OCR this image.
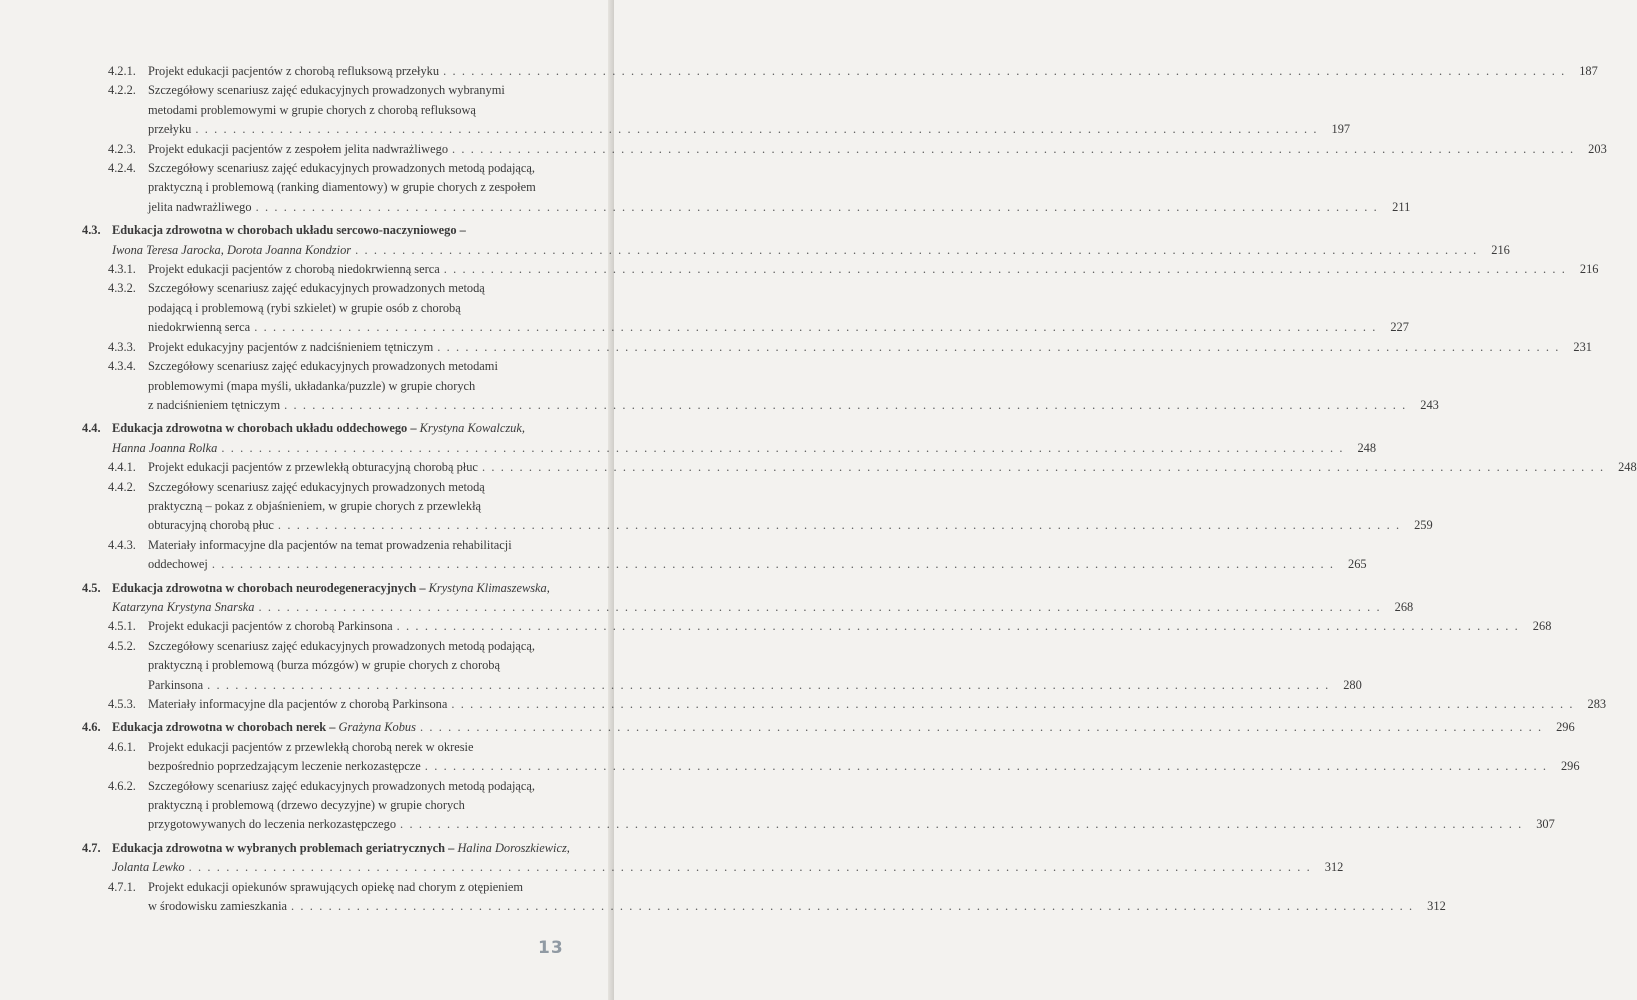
4.2.1. Projekt edukacji pacjentów z chorobą refluksową przełyku . . . . . . . . . . . . . . . . . . . . . . . . . . . . . . . . . . . . . . . . . . . . . . . . . . . . . . . . . . . . . . . . . . . . . . . . . . . . . . . . . . . . . . . . . . . . . . . . . . . . . . . . . . . . . . . . . . . . . . . .	187
4.2.2. Szczegółowy scenariusz zajęć edukacyjnych prowadzonych wybranymi
metodami problemowymi w grupie chorych z chorobą refluksową
przełyku . . . . . . . . . . . . . . . . . . . . . . . . . . . . . . . . . . . . . . . . . . . . . . . . . . . . . . . . . . . . . . . . . . . . . . . . . . . . . . . . . . . . . . . . . . . . . . . . . . . . . . . . . . . . . . . . . . . . . . . .	197
4.2.3. Projekt edukacji pacjentów z zespołem jelita nadwrażliwego . . . . . . . . . . . . . . . . . . . . . . . . . . . . . . . . . . . . . . . . . . . . . . . . . . . . . . . . . . . . . . . . . . . . . . . . . . . . . . . . . . . . . . . . . . . . . . . . . . . . . . . . . . . . . . . . . . . . . . . .	203
4.2.4. Szczegółowy scenariusz zajęć edukacyjnych prowadzonych metodą podającą,
praktyczną i problemową (ranking diamentowy) w grupie chorych z zespołem
jelita nadwrażliwego . . . . . . . . . . . . . . . . . . . . . . . . . . . . . . . . . . . . . . . . . . . . . . . . . . . . . . . . . . . . . . . . . . . . . . . . . . . . . . . . . . . . . . . . . . . . . . . . . . . . . . . . . . . . . . . . . . . . . . . .	211
4.3. Edukacja zdrowotna w chorobach układu sercowo-naczyniowego –
Iwona Teresa Jarocka, Dorota Joanna Kondzior . . . . . . . . . . . . . . . . . . . . . . . . . . . . . . . . . . . . . . . . . . . . . . . . . . . . . . . . . . . . . . . . . . . . . . . . . . . . . . . . . . . . . . . . . . . . . . . . . . . . . . . . . . . . . . . . . . . . . . . .	216
4.3.1. Projekt edukacji pacjentów z chorobą niedokrwienną serca . . . . . . . . . . . . . . . . . . . . . . . . . . . . . . . . . . . . . . . . . . . . . . . . . . . . . . . . . . . . . . . . . . . . . . . . . . . . . . . . . . . . . . . . . . . . . . . . . . . . . . . . . . . . . . . . . . . . . . . .	216
4.3.2. Szczegółowy scenariusz zajęć edukacyjnych prowadzonych metodą
podającą i problemową (rybi szkielet) w grupie osób z chorobą
niedokrwienną serca . . . . . . . . . . . . . . . . . . . . . . . . . . . . . . . . . . . . . . . . . . . . . . . . . . . . . . . . . . . . . . . . . . . . . . . . . . . . . . . . . . . . . . . . . . . . . . . . . . . . . . . . . . . . . . . . . . . . . . . .	227
4.3.3. Projekt edukacyjny pacjentów z nadciśnieniem tętniczym . . . . . . . . . . . . . . . . . . . . . . . . . . . . . . . . . . . . . . . . . . . . . . . . . . . . . . . . . . . . . . . . . . . . . . . . . . . . . . . . . . . . . . . . . . . . . . . . . . . . . . . . . . . . . . . . . . . . . . . .	231
4.3.4. Szczegółowy scenariusz zajęć edukacyjnych prowadzonych metodami
problemowymi (mapa myśli, układanka/puzzle) w grupie chorych
z nadciśnieniem tętniczym . . . . . . . . . . . . . . . . . . . . . . . . . . . . . . . . . . . . . . . . . . . . . . . . . . . . . . . . . . . . . . . . . . . . . . . . . . . . . . . . . . . . . . . . . . . . . . . . . . . . . . . . . . . . . . . . . . . . . . . .	243
4.4. Edukacja zdrowotna w chorobach układu oddechowego – Krystyna Kowalczuk,
Hanna Joanna Rolka . . . . . . . . . . . . . . . . . . . . . . . . . . . . . . . . . . . . . . . . . . . . . . . . . . . . . . . . . . . . . . . . . . . . . . . . . . . . . . . . . . . . . . . . . . . . . . . . . . . . . . . . . . . . . . . . . . . . . . . .	248
4.4.1. Projekt edukacji pacjentów z przewlekłą obturacyjną chorobą płuc . . . . . . . . . . . . . . . . . . . . . . . . . . . . . . . . . . . . . . . . . . . . . . . . . . . . . . . . . . . . . . . . . . . . . . . . . . . . . . . . . . . . . . . . . . . . . . . . . . . . . . . . . . . . . . . . . . . . . . . .	248
4.4.2. Szczegółowy scenariusz zajęć edukacyjnych prowadzonych metodą
praktyczną – pokaz z objaśnieniem, w grupie chorych z przewlekłą
obturacyjną chorobą płuc . . . . . . . . . . . . . . . . . . . . . . . . . . . . . . . . . . . . . . . . . . . . . . . . . . . . . . . . . . . . . . . . . . . . . . . . . . . . . . . . . . . . . . . . . . . . . . . . . . . . . . . . . . . . . . . . . . . . . . . .	259
4.4.3. Materiały informacyjne dla pacjentów na temat prowadzenia rehabilitacji
oddechowej . . . . . . . . . . . . . . . . . . . . . . . . . . . . . . . . . . . . . . . . . . . . . . . . . . . . . . . . . . . . . . . . . . . . . . . . . . . . . . . . . . . . . . . . . . . . . . . . . . . . . . . . . . . . . . . . . . . . . . . .	265
4.5. Edukacja zdrowotna w chorobach neurodegeneracyjnych – Krystyna Klimaszewska,
Katarzyna Krystyna Snarska . . . . . . . . . . . . . . . . . . . . . . . . . . . . . . . . . . . . . . . . . . . . . . . . . . . . . . . . . . . . . . . . . . . . . . . . . . . . . . . . . . . . . . . . . . . . . . . . . . . . . . . . . . . . . . . . . . . . . . . .	268
4.5.1. Projekt edukacji pacjentów z chorobą Parkinsona . . . . . . . . . . . . . . . . . . . . . . . . . . . . . . . . . . . . . . . . . . . . . . . . . . . . . . . . . . . . . . . . . . . . . . . . . . . . . . . . . . . . . . . . . . . . . . . . . . . . . . . . . . . . . . . . . . . . . . . .	268
4.5.2. Szczegółowy scenariusz zajęć edukacyjnych prowadzonych metodą podającą,
praktyczną i problemową (burza mózgów) w grupie chorych z chorobą
Parkinsona . . . . . . . . . . . . . . . . . . . . . . . . . . . . . . . . . . . . . . . . . . . . . . . . . . . . . . . . . . . . . . . . . . . . . . . . . . . . . . . . . . . . . . . . . . . . . . . . . . . . . . . . . . . . . . . . . . . . . . . .	280
4.5.3. Materiały informacyjne dla pacjentów z chorobą Parkinsona . . . . . . . . . . . . . . . . . . . . . . . . . . . . . . . . . . . . . . . . . . . . . . . . . . . . . . . . . . . . . . . . . . . . . . . . . . . . . . . . . . . . . . . . . . . . . . . . . . . . . . . . . . . . . . . . . . . . . . . .	283
4.6. Edukacja zdrowotna w chorobach nerek – Grażyna Kobus . . . . . . . . . . . . . . . . . . . . . . . . . . . . . . . . . . . . . . . . . . . . . . . . . . . . . . . . . . . . . . . . . . . . . . . . . . . . . . . . . . . . . . . . . . . . . . . . . . . . . . . . . . . . . . . . . . . . . . . .	296
4.6.1. Projekt edukacji pacjentów z przewlekłą chorobą nerek w okresie
bezpośrednio poprzedzającym leczenie nerkozastępcze . . . . . . . . . . . . . . . . . . . . . . . . . . . . . . . . . . . . . . . . . . . . . . . . . . . . . . . . . . . . . . . . . . . . . . . . . . . . . . . . . . . . . . . . . . . . . . . . . . . . . . . . . . . . . . . . . . . . . . . .	296
4.6.2. Szczegółowy scenariusz zajęć edukacyjnych prowadzonych metodą podającą,
praktyczną i problemową (drzewo decyzyjne) w grupie chorych
przygotowywanych do leczenia nerkozastępczego . . . . . . . . . . . . . . . . . . . . . . . . . . . . . . . . . . . . . . . . . . . . . . . . . . . . . . . . . . . . . . . . . . . . . . . . . . . . . . . . . . . . . . . . . . . . . . . . . . . . . . . . . . . . . . . . . . . . . . . .	307
4.7. Edukacja zdrowotna w wybranych problemach geriatrycznych – Halina Doroszkiewicz,
Jolanta Lewko . . . . . . . . . . . . . . . . . . . . . . . . . . . . . . . . . . . . . . . . . . . . . . . . . . . . . . . . . . . . . . . . . . . . . . . . . . . . . . . . . . . . . . . . . . . . . . . . . . . . . . . . . . . . . . . . . . . . . . . .	312
4.7.1. Projekt edukacji opiekunów sprawujących opiekę nad chorym z otępieniem
w środowisku zamieszkania . . . . . . . . . . . . . . . . . . . . . . . . . . . . . . . . . . . . . . . . . . . . . . . . . . . . . . . . . . . . . . . . . . . . . . . . . . . . . . . . . . . . . . . . . . . . . . . . . . . . . . . . . . . . . . . . . . . . . . . .	312
13
